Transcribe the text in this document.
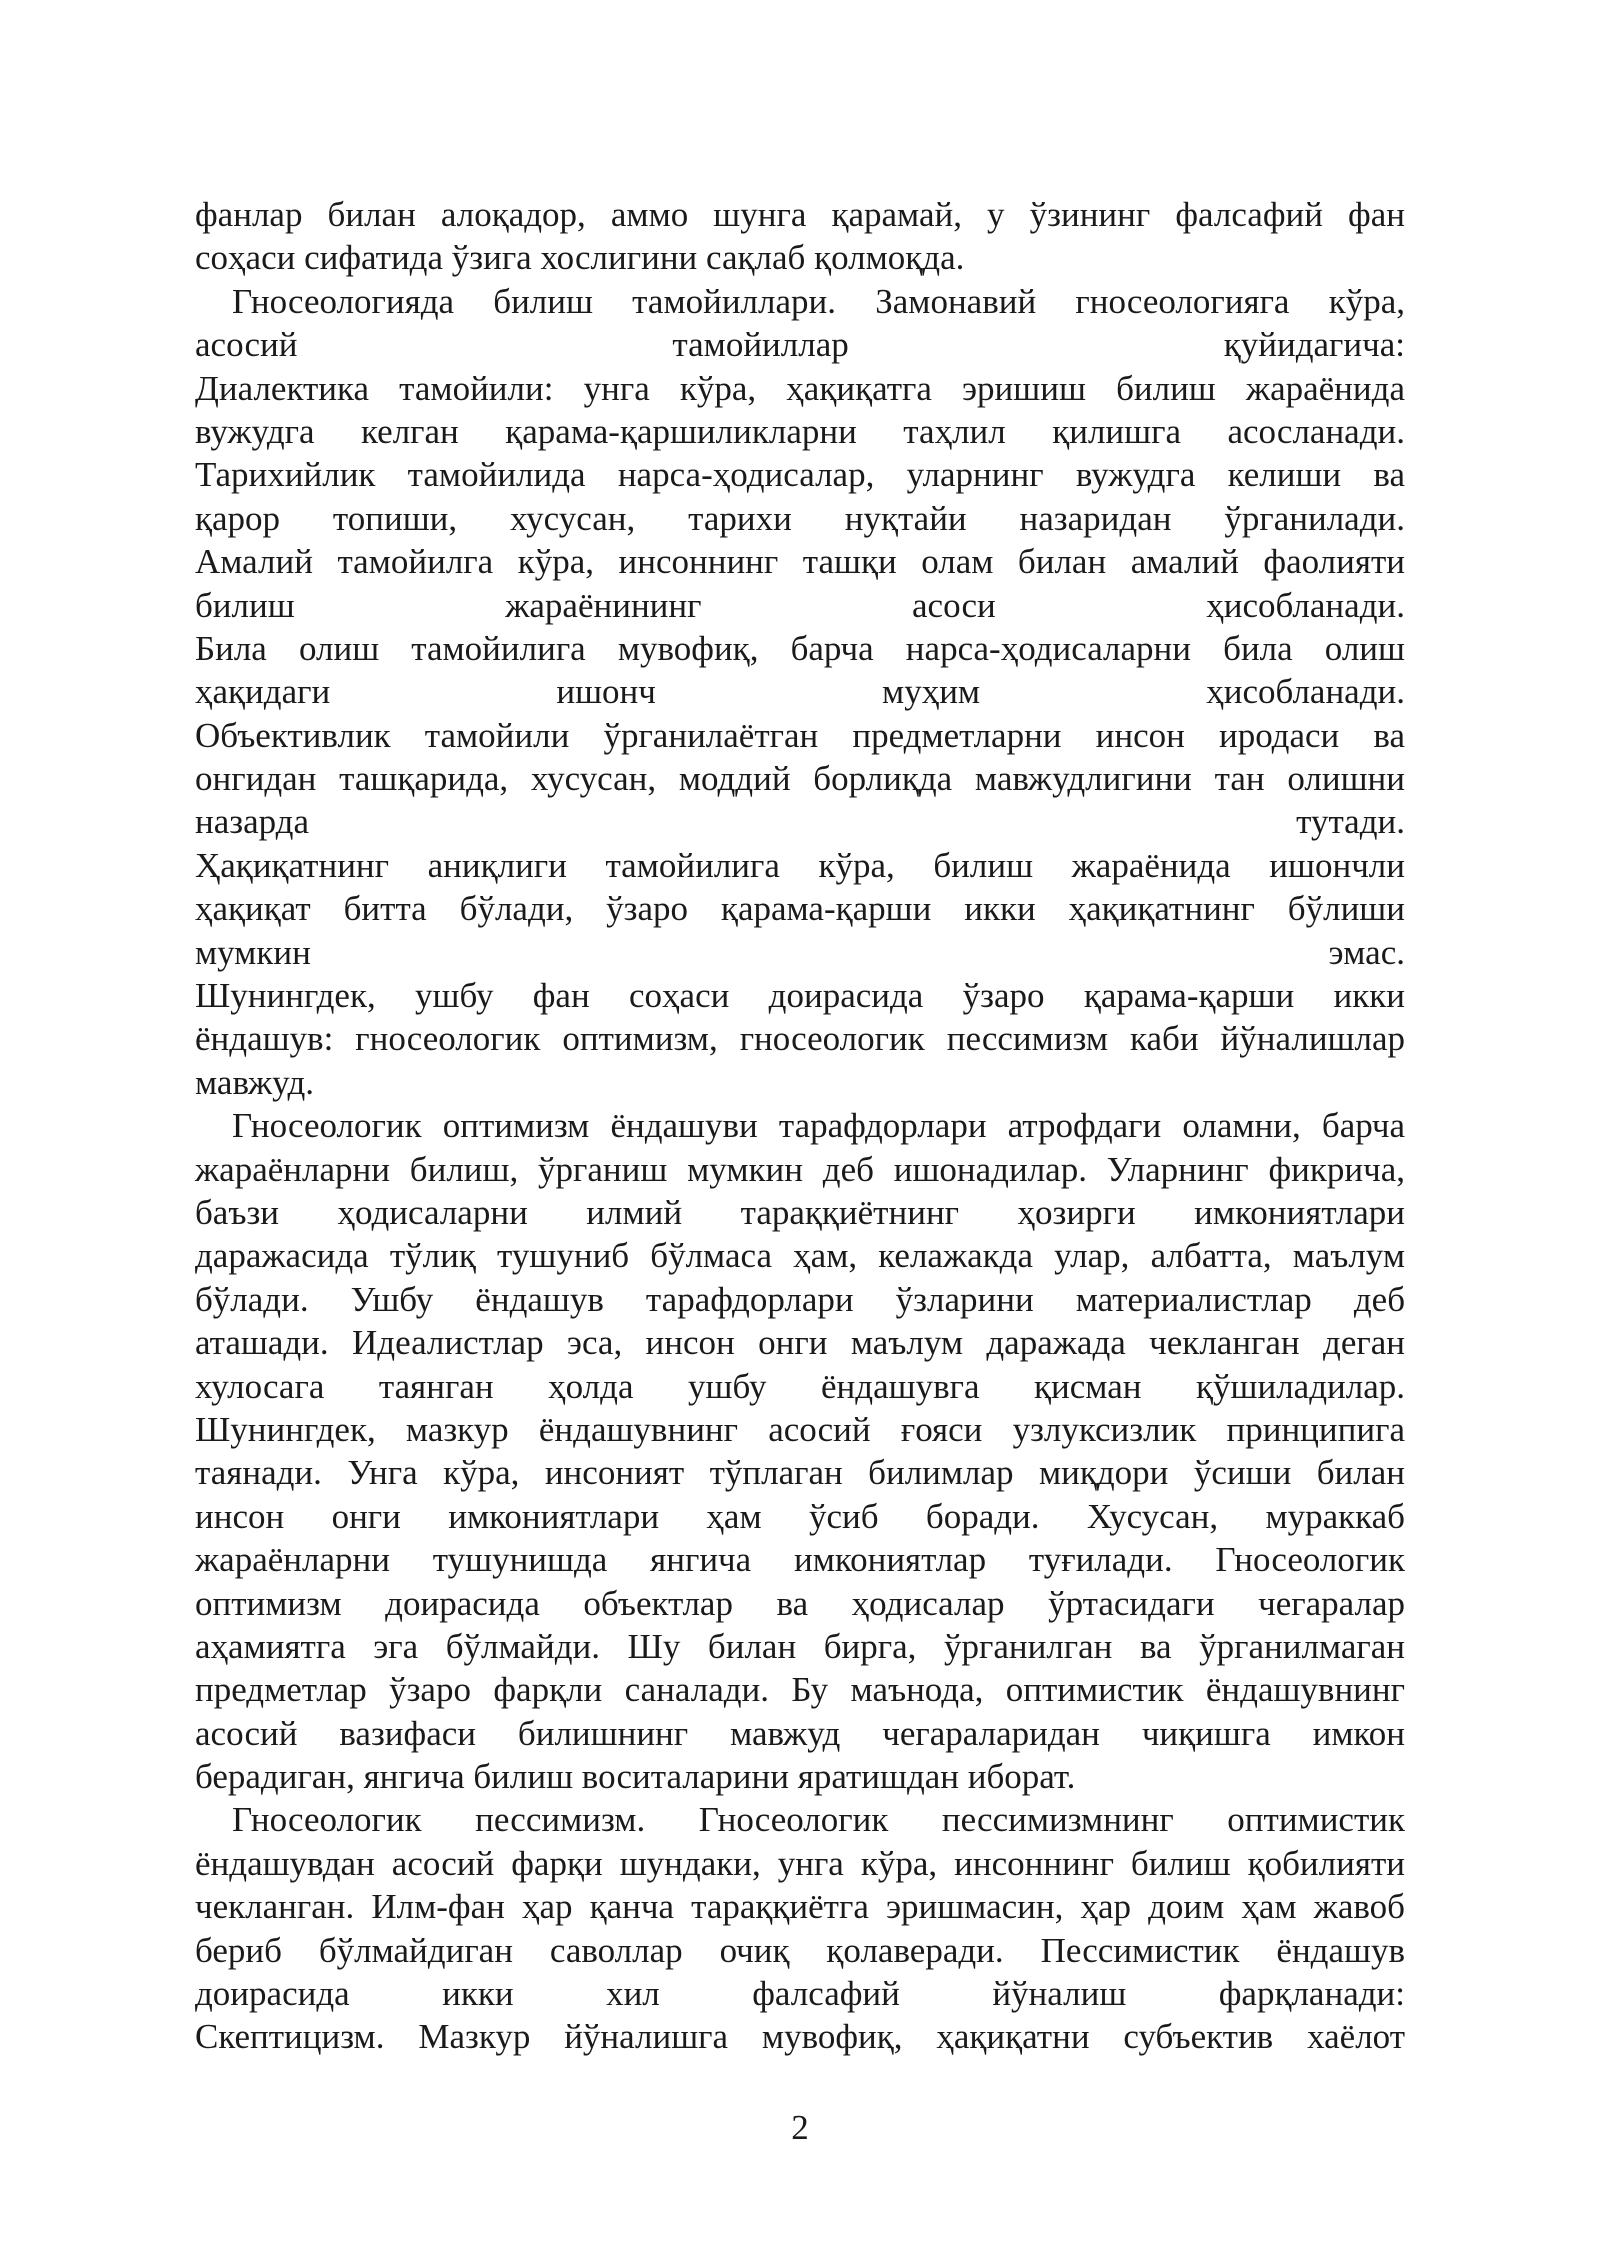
фанлар билан алоқадор, аммо шунга қарамай, у ўзининг фалсафий фан
соҳаси сифатида ўзига хослигини сақлаб қолмоқда.
Гносеологияда билиш тамойиллари. Замонавий гносеологияга кўра,
асосий тамойиллар қуйидагича:
Диалектика тамойили: унга кўра, ҳақиқатга эришиш билиш жараёнида
вужудга келган қарама-қаршиликларни таҳлил қилишга асосланади.
Тарихийлик тамойилида нарса-ҳодисалар, уларнинг вужудга келиши ва
қарор топиши, хусусан, тарихи нуқтайи назаридан ўрганилади.
Амалий тамойилга кўра, инсоннинг ташқи олам билан амалий фаолияти
билиш жараёнининг асоси ҳисобланади.
Била олиш тамойилига мувофиқ, барча нарса-ҳодисаларни била олиш
ҳақидаги ишонч муҳим ҳисобланади.
Объективлик тамойили ўрганилаётган предметларни инсон иродаси ва
онгидан ташқарида, хусусан, моддий борлиқда мавжудлигини тан олишни
назарда тутади.
Ҳақиқатнинг аниқлиги тамойилига кўра, билиш жараёнида ишончли
ҳақиқат битта бўлади, ўзаро қарама-қарши икки ҳақиқатнинг бўлиши
мумкин эмас.
Шунингдек, ушбу фан соҳаси доирасида ўзаро қарама-қарши икки
ёндашув: гносеологик оптимизм, гносеологик пессимизм каби йўналишлар
мавжуд.
Гносеологик оптимизм ёндашуви тарафдорлари атрофдаги оламни, барча
жараёнларни билиш, ўрганиш мумкин деб ишонадилар. Уларнинг фикрича,
баъзи ҳодисаларни илмий тараққиётнинг ҳозирги имкониятлари
даражасида тўлиқ тушуниб бўлмаса ҳам, келажакда улар, албатта, маълум
бўлади. Ушбу ёндашув тарафдорлари ўзларини материалистлар деб
аташади. Идеалистлар эса, инсон онги маълум даражада чекланган деган
хулосага таянган ҳолда ушбу ёндашувга қисман қўшиладилар.
Шунингдек, мазкур ёндашувнинг асосий ғояси узлуксизлик принципига
таянади. Унга кўра, инсоният тўплаган билимлар миқдори ўсиши билан
инсон онги имкониятлари ҳам ўсиб боради. Хусусан, мураккаб
жараёнларни тушунишда янгича имкониятлар туғилади. Гносеологик
оптимизм доирасида объектлар ва ҳодисалар ўртасидаги чегаралар
аҳамиятга эга бўлмайди. Шу билан бирга, ўрганилган ва ўрганилмаган
предметлар ўзаро фарқли саналади. Бу маънода, оптимистик ёндашувнинг
асосий вазифаси билишнинг мавжуд чегараларидан чиқишга имкон
берадиган, янгича билиш воситаларини яратишдан иборат.
Гносеологик пессимизм. Гносеологик пессимизмнинг оптимистик
ёндашувдан асосий фарқи шундаки, унга кўра, инсоннинг билиш қобилияти
чекланган. Илм-фан ҳар қанча тараққиётга эришмасин, ҳар доим ҳам жавоб
бериб бўлмайдиган саволлар очиқ қолаверади. Пессимистик ёндашув
доирасида икки хил фалсафий йўналиш фарқланади:
Скептицизм. Мазкур йўналишга мувофиқ, ҳақиқатни субъектив хаёлот
2
